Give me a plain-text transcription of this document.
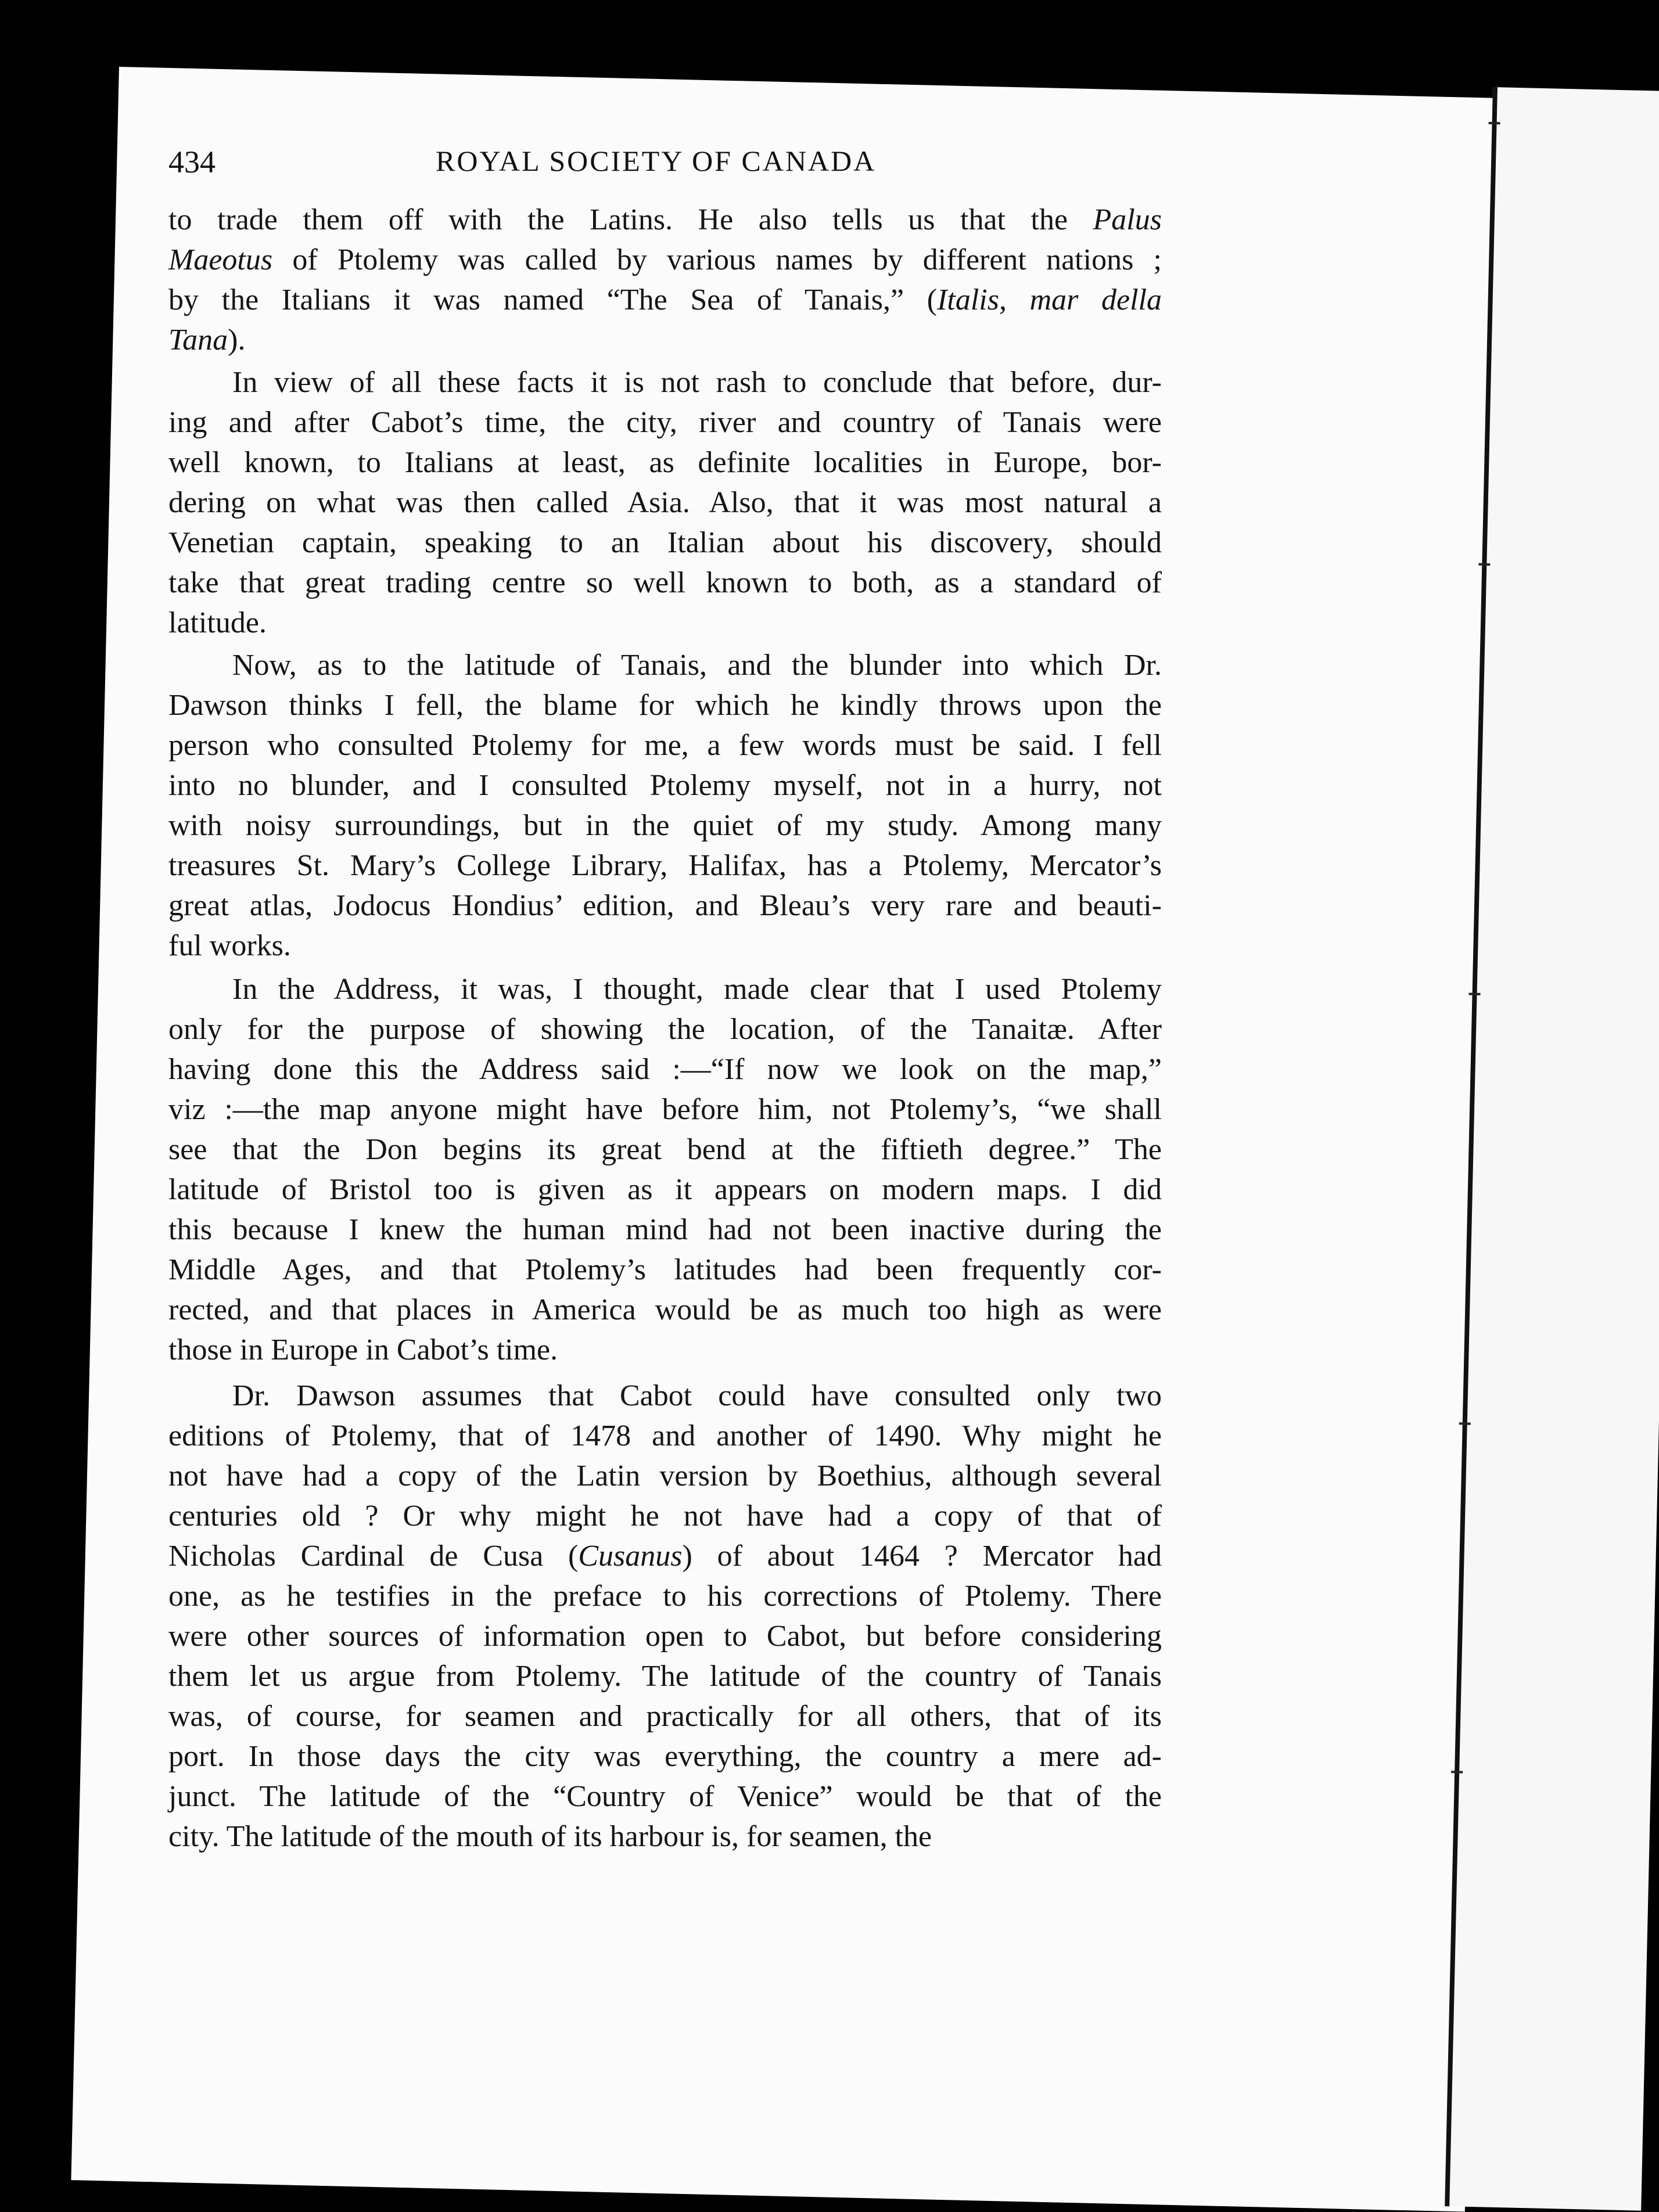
434	ROYAL SOCIETY OF CANADA

to trade them off with the Latins. He also tells us that the Palus
Maeotus of Ptolemy was called by various names by different nations ;
by the Italians it was named “The Sea of Tanais,” (Italis, mar della
Tana).

In view of all these facts it is not rash to conclude that before, dur-
ing and after Cabot’s time, the city, river and country of Tanais were
well known, to Italians at least, as definite localities in Europe, bor-
dering on what was then called Asia. Also, that it was most natural a
Venetian captain, speaking to an Italian about his discovery, should
take that great trading centre so well known to both, as a standard of
latitude.

Now, as to the latitude of Tanais, and the blunder into which Dr.
Dawson thinks I fell, the blame for which he kindly throws upon the
person who consulted Ptolemy for me, a few words must be said. I fell
into no blunder, and I consulted Ptolemy myself, not in a hurry, not
with noisy surroundings, but in the quiet of my study. Among many
treasures St. Mary’s College Library, Halifax, has a Ptolemy, Mercator’s
great atlas, Jodocus Hondius’ edition, and Bleau’s very rare and beauti-
ful works.

In the Address, it was, I thought, made clear that I used Ptolemy
only for the purpose of showing the location, of the Tanaitæ. After
having done this the Address said :—“If now we look on the map,”
viz :—the map anyone might have before him, not Ptolemy’s, “we shall
see that the Don begins its great bend at the fiftieth degree.” The
latitude of Bristol too is given as it appears on modern maps. I did
this because I knew the human mind had not been inactive during the
Middle Ages, and that Ptolemy’s latitudes had been frequently cor-
rected, and that places in America would be as much too high as were
those in Europe in Cabot’s time.

Dr. Dawson assumes that Cabot could have consulted only two
editions of Ptolemy, that of 1478 and another of 1490. Why might he
not have had a copy of the Latin version by Boethius, although several
centuries old ? Or why might he not have had a copy of that of
Nicholas Cardinal de Cusa (Cusanus) of about 1464 ? Mercator had
one, as he testifies in the preface to his corrections of Ptolemy. There
were other sources of information open to Cabot, but before considering
them let us argue from Ptolemy. The latitude of the country of Tanais
was, of course, for seamen and practically for all others, that of its
port. In those days the city was everything, the country a mere ad-
junct. The latitude of the “Country of Venice” would be that of the
city. The latitude of the mouth of its harbour is, for seamen, the
